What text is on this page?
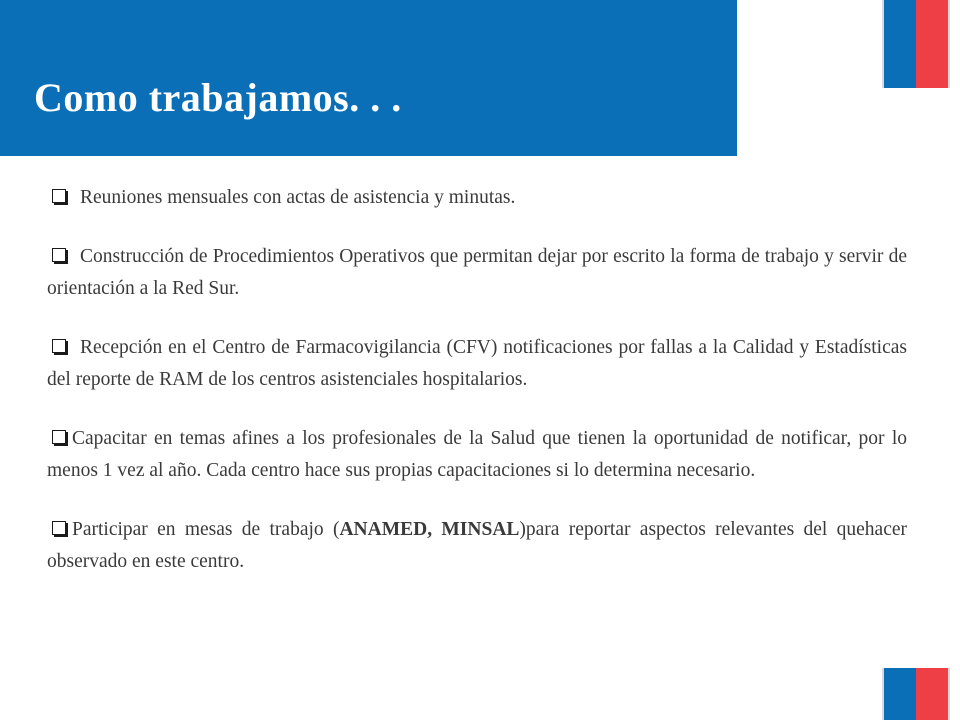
Como trabajamos. . .

Reuniones mensuales con actas de asistencia y minutas.

Construcción de Procedimientos Operativos que permitan dejar por escrito la forma de trabajo y servir de orientación a la Red Sur.

Recepción en el Centro de Farmacovigilancia (CFV) notificaciones por fallas a la Calidad y Estadísticas del reporte de RAM de los centros asistenciales hospitalarios.

Capacitar en temas afines a los profesionales de la Salud que tienen la oportunidad de notificar, por lo menos 1 vez al año. Cada centro hace sus propias capacitaciones si lo determina necesario.

Participar en mesas de trabajo (ANAMED, MINSAL)para reportar aspectos relevantes del quehacer observado en este centro.
